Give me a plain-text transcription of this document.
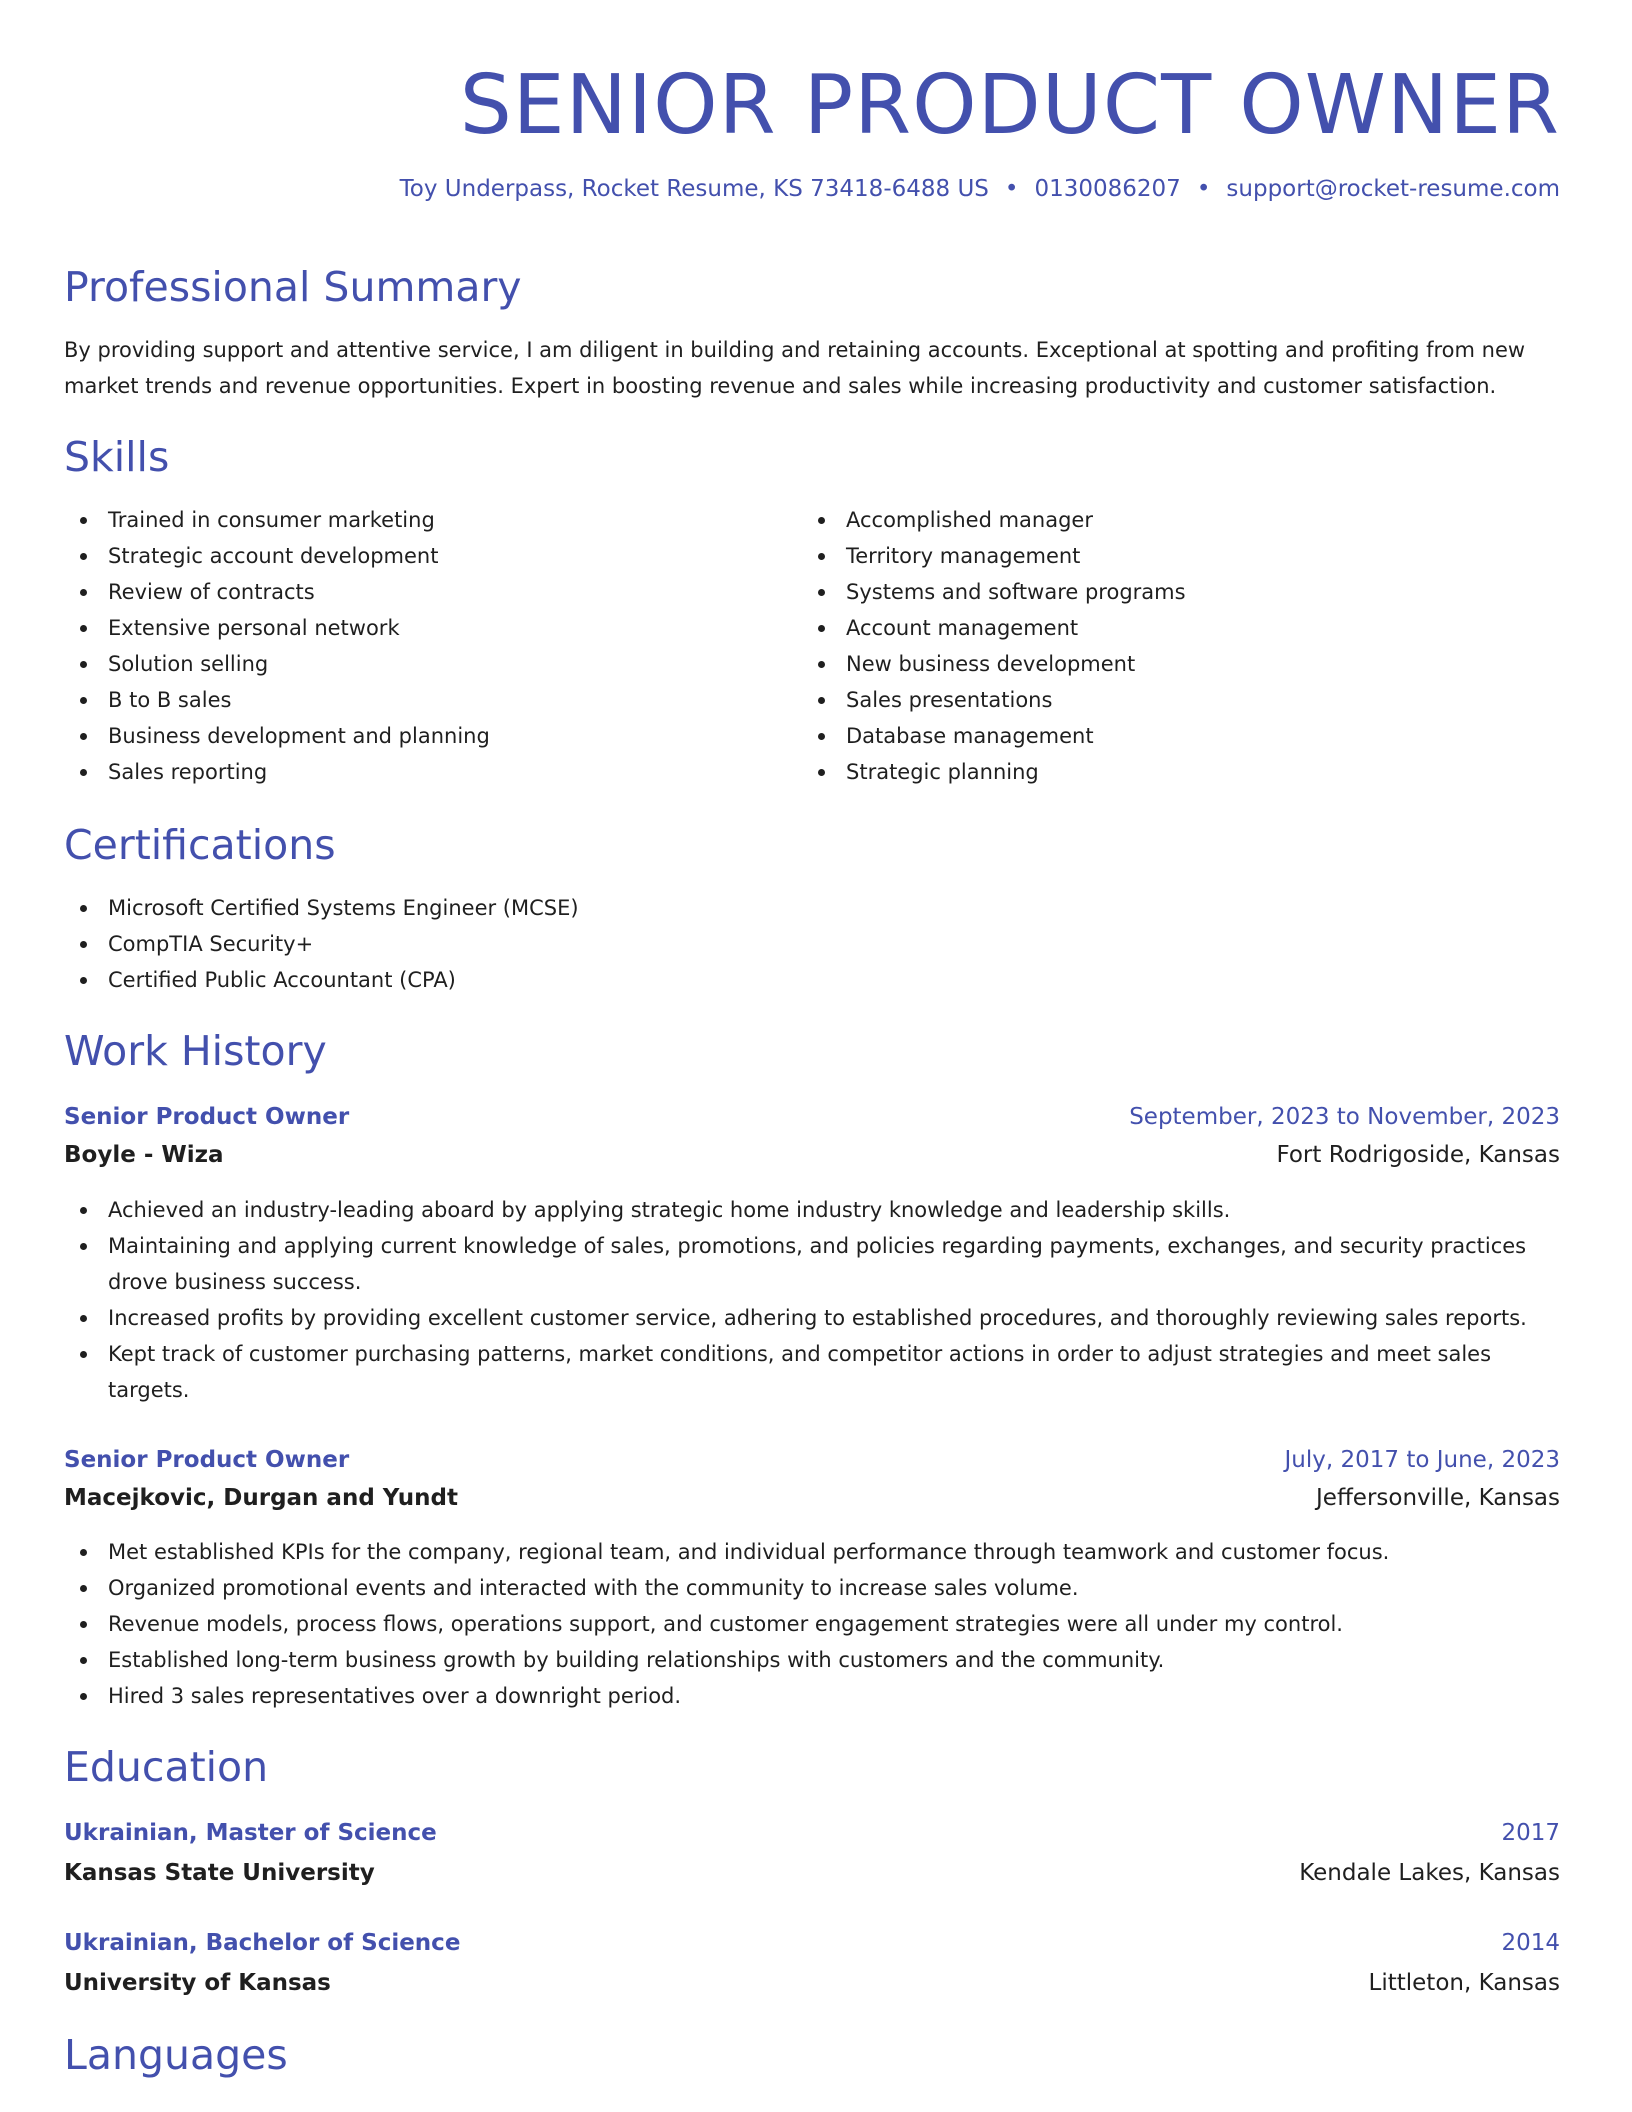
SENIOR PRODUCT OWNER
Toy Underpass, Rocket Resume, KS 73418-6488 US • 0130086207 • support@rocket-resume.com
Professional Summary

By providing support and attentive service, I am diligent in building and retaining accounts. Exceptional at spotting and profiting from new market trends and revenue opportunities. Expert in boosting revenue and sales while increasing productivity and customer satisfaction.

Skills
Trained in consumer marketing
Strategic account development
Review of contracts
Extensive personal network
Solution selling
B to B sales
Business development and planning
Sales reporting
Accomplished manager
Territory management
Systems and software programs
Account management
New business development
Sales presentations
Database management
Strategic planning
Certifications
Microsoft Certified Systems Engineer (MCSE)
CompTIA Security+
Certified Public Accountant (CPA)
Work History
Senior Product Owner	September, 2023 to November, 2023
Boyle - Wiza	Fort Rodrigoside, Kansas
Achieved an industry-leading aboard by applying strategic home industry knowledge and leadership skills.
Maintaining and applying current knowledge of sales, promotions, and policies regarding payments, exchanges, and security practices drove business success.
Increased profits by providing excellent customer service, adhering to established procedures, and thoroughly reviewing sales reports.
Kept track of customer purchasing patterns, market conditions, and competitor actions in order to adjust strategies and meet sales targets.
Senior Product Owner	July, 2017 to June, 2023
Macejkovic, Durgan and Yundt	Jeffersonville, Kansas
Met established KPIs for the company, regional team, and individual performance through teamwork and customer focus.
Organized promotional events and interacted with the community to increase sales volume.
Revenue models, process flows, operations support, and customer engagement strategies were all under my control.
Established long-term business growth by building relationships with customers and the community.
Hired 3 sales representatives over a downright period.
Education
Ukrainian, Master of Science	2017
Kansas State University	Kendale Lakes, Kansas
Ukrainian, Bachelor of Science	2014
University of Kansas	Littleton, Kansas
Languages
